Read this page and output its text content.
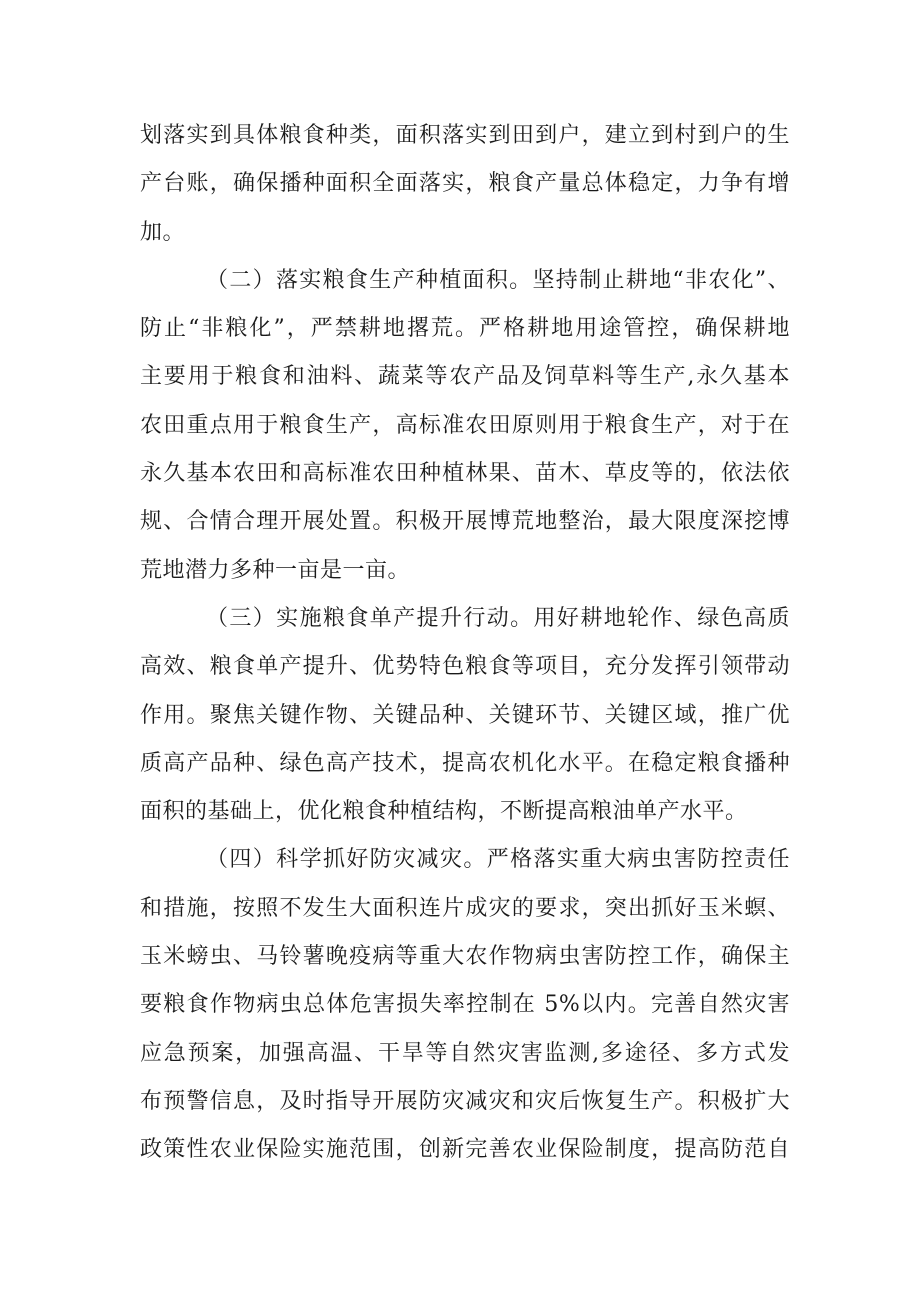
划落实到具体粮食种类，面积落实到田到户，建立到村到户的生
产台账，确保播种面积全面落实，粮食产量总体稳定，力争有增
加。
（二）落实粮食生产种植面积。坚持制止耕地“非农化”、
防止“非粮化”，严禁耕地撂荒。严格耕地用途管控，确保耕地
主要用于粮食和油料、蔬菜等农产品及饲草料等生产,永久基本
农田重点用于粮食生产，高标准农田原则用于粮食生产，对于在
永久基本农田和高标准农田种植林果、苗木、草皮等的，依法依
规、合情合理开展处置。积极开展博荒地整治，最大限度深挖博
荒地潜力多种一亩是一亩。
（三）实施粮食单产提升行动。用好耕地轮作、绿色高质
高效、粮食单产提升、优势特色粮食等项目，充分发挥引领带动
作用。聚焦关键作物、关键品种、关键环节、关键区域，推广优
质高产品种、绿色高产技术，提高农机化水平。在稳定粮食播种
面积的基础上，优化粮食种植结构，不断提高粮油单产水平。
（四）科学抓好防灾减灾。严格落实重大病虫害防控责任
和措施，按照不发生大面积连片成灾的要求，突出抓好玉米螟、
玉米螃虫、马铃薯晚疫病等重大农作物病虫害防控工作，确保主
要粮食作物病虫总体危害损失率控制在 5%以内。完善自然灾害
应急预案，加强高温、干旱等自然灾害监测,多途径、多方式发
布预警信息，及时指导开展防灾减灾和灾后恢复生产。积极扩大
政策性农业保险实施范围，创新完善农业保险制度，提高防范自
